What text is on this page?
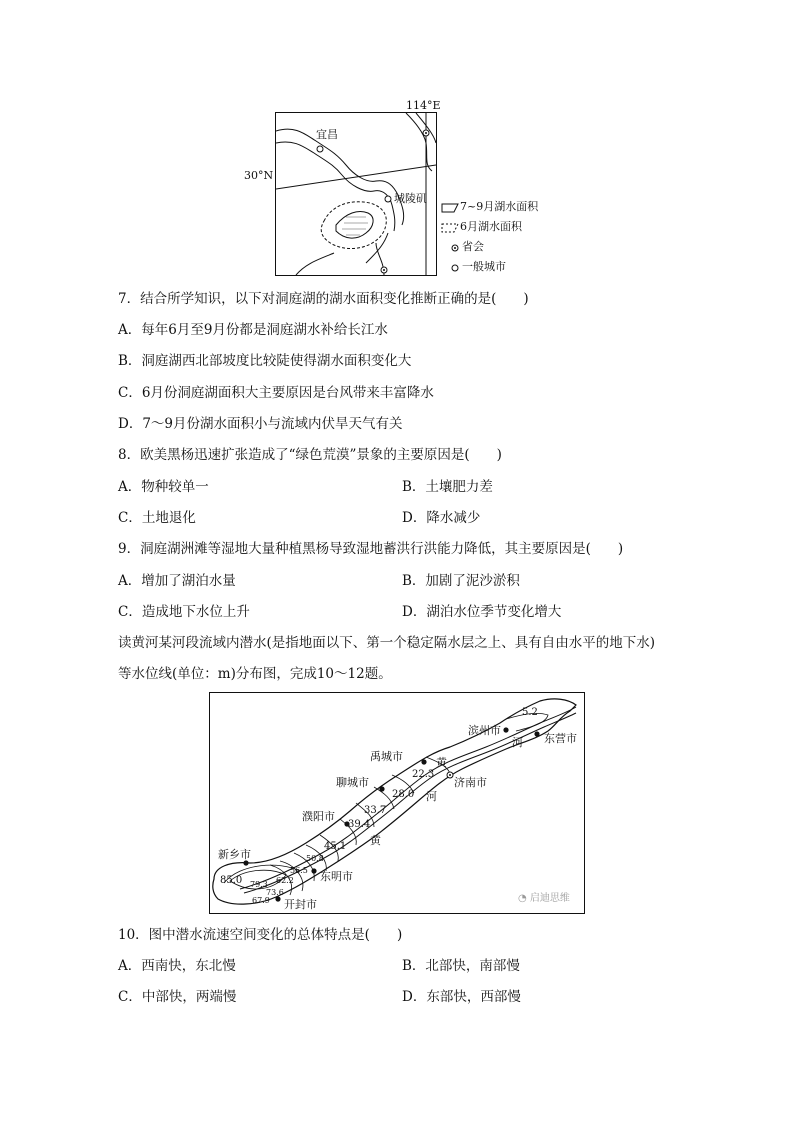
114°E
30°N
宜昌
城陵矶
7~9月湖水面积
6月湖水面积
省会
一般城市
7．结合所学知识，以下对洞庭湖的湖水面积变化推断正确的是(　　)
A．每年6月至9月份都是洞庭湖水补给长江水
B．洞庭湖西北部坡度比较陡使得湖水面积变化大
C．6月份洞庭湖面积大主要原因是台风带来丰富降水
D．7～9月份湖水面积小与流域内伏旱天气有关
8．欧美黑杨迅速扩张造成了“绿色荒漠”景象的主要原因是(　　)
A．物种较单一	B．土壤肥力差
C．土地退化	D．降水减少
9．洞庭湖洲滩等湿地大量种植黑杨导致湿地蓄洪行洪能力降低，其主要原因是(　　)
A．增加了湖泊水量	B．加剧了泥沙淤积
C．造成地下水位上升	D．湖泊水位季节变化增大
读黄河某河段流域内潜水(是指地面以下、第一个稳定隔水层之上、具有自由水平的地下水)
等水位线(单位：m)分布图，完成10～12题。
5.2
22.3
28.0
33.7
39.4
45.1
50.8
56.5
62.2
67.9
73.6
79.3
85.0
滨州市
东营市
禹城市
聊城市	济南市
濮阳市
新乡市
东明市
开封市
河
黄
河
黄
◔ 启迪思维
10．图中潜水流速空间变化的总体特点是(　　)
A．西南快，东北慢	B．北部快，南部慢
C．中部快，两端慢	D．东部快，西部慢
